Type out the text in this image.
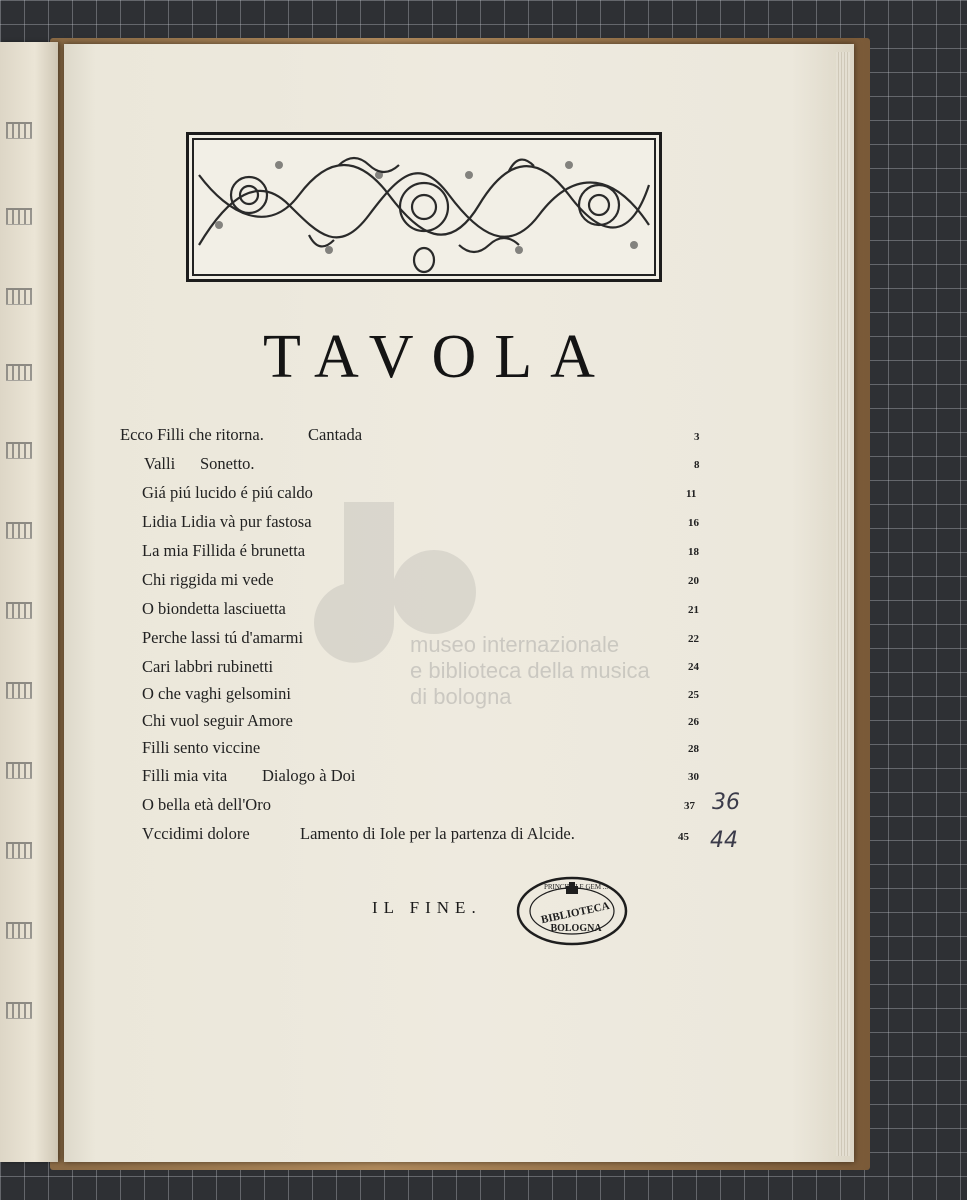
TAVOLA
Ecco Filli che ritorna.	Cantada	3
Valli Sonetto.	8
Giá piú lucido é piú caldo	11
Lidia Lidia và pur fastosa	16
La mia Fillida é brunetta	18
Chi riggida mi vede	20
O biondetta lasciuetta	21
Perche lassi tú d'amarmi	22
Cari labbri rubinetti	24
O che vaghi gelsomini	25
Chi vuol seguir Amore	26
Filli sento viccine	28
Filli mia vita Dialogo à Doi	30
O bella età dell'Oro	37 36
Vccidimi dolore	Lamento di Iole per la partenza di Alcide.	45 44
IL FINE.
PRINCIPALE GEM ...
BIBLIOTECA
BOLOGNA
museo internazionale
e biblioteca della musica
di bologna
